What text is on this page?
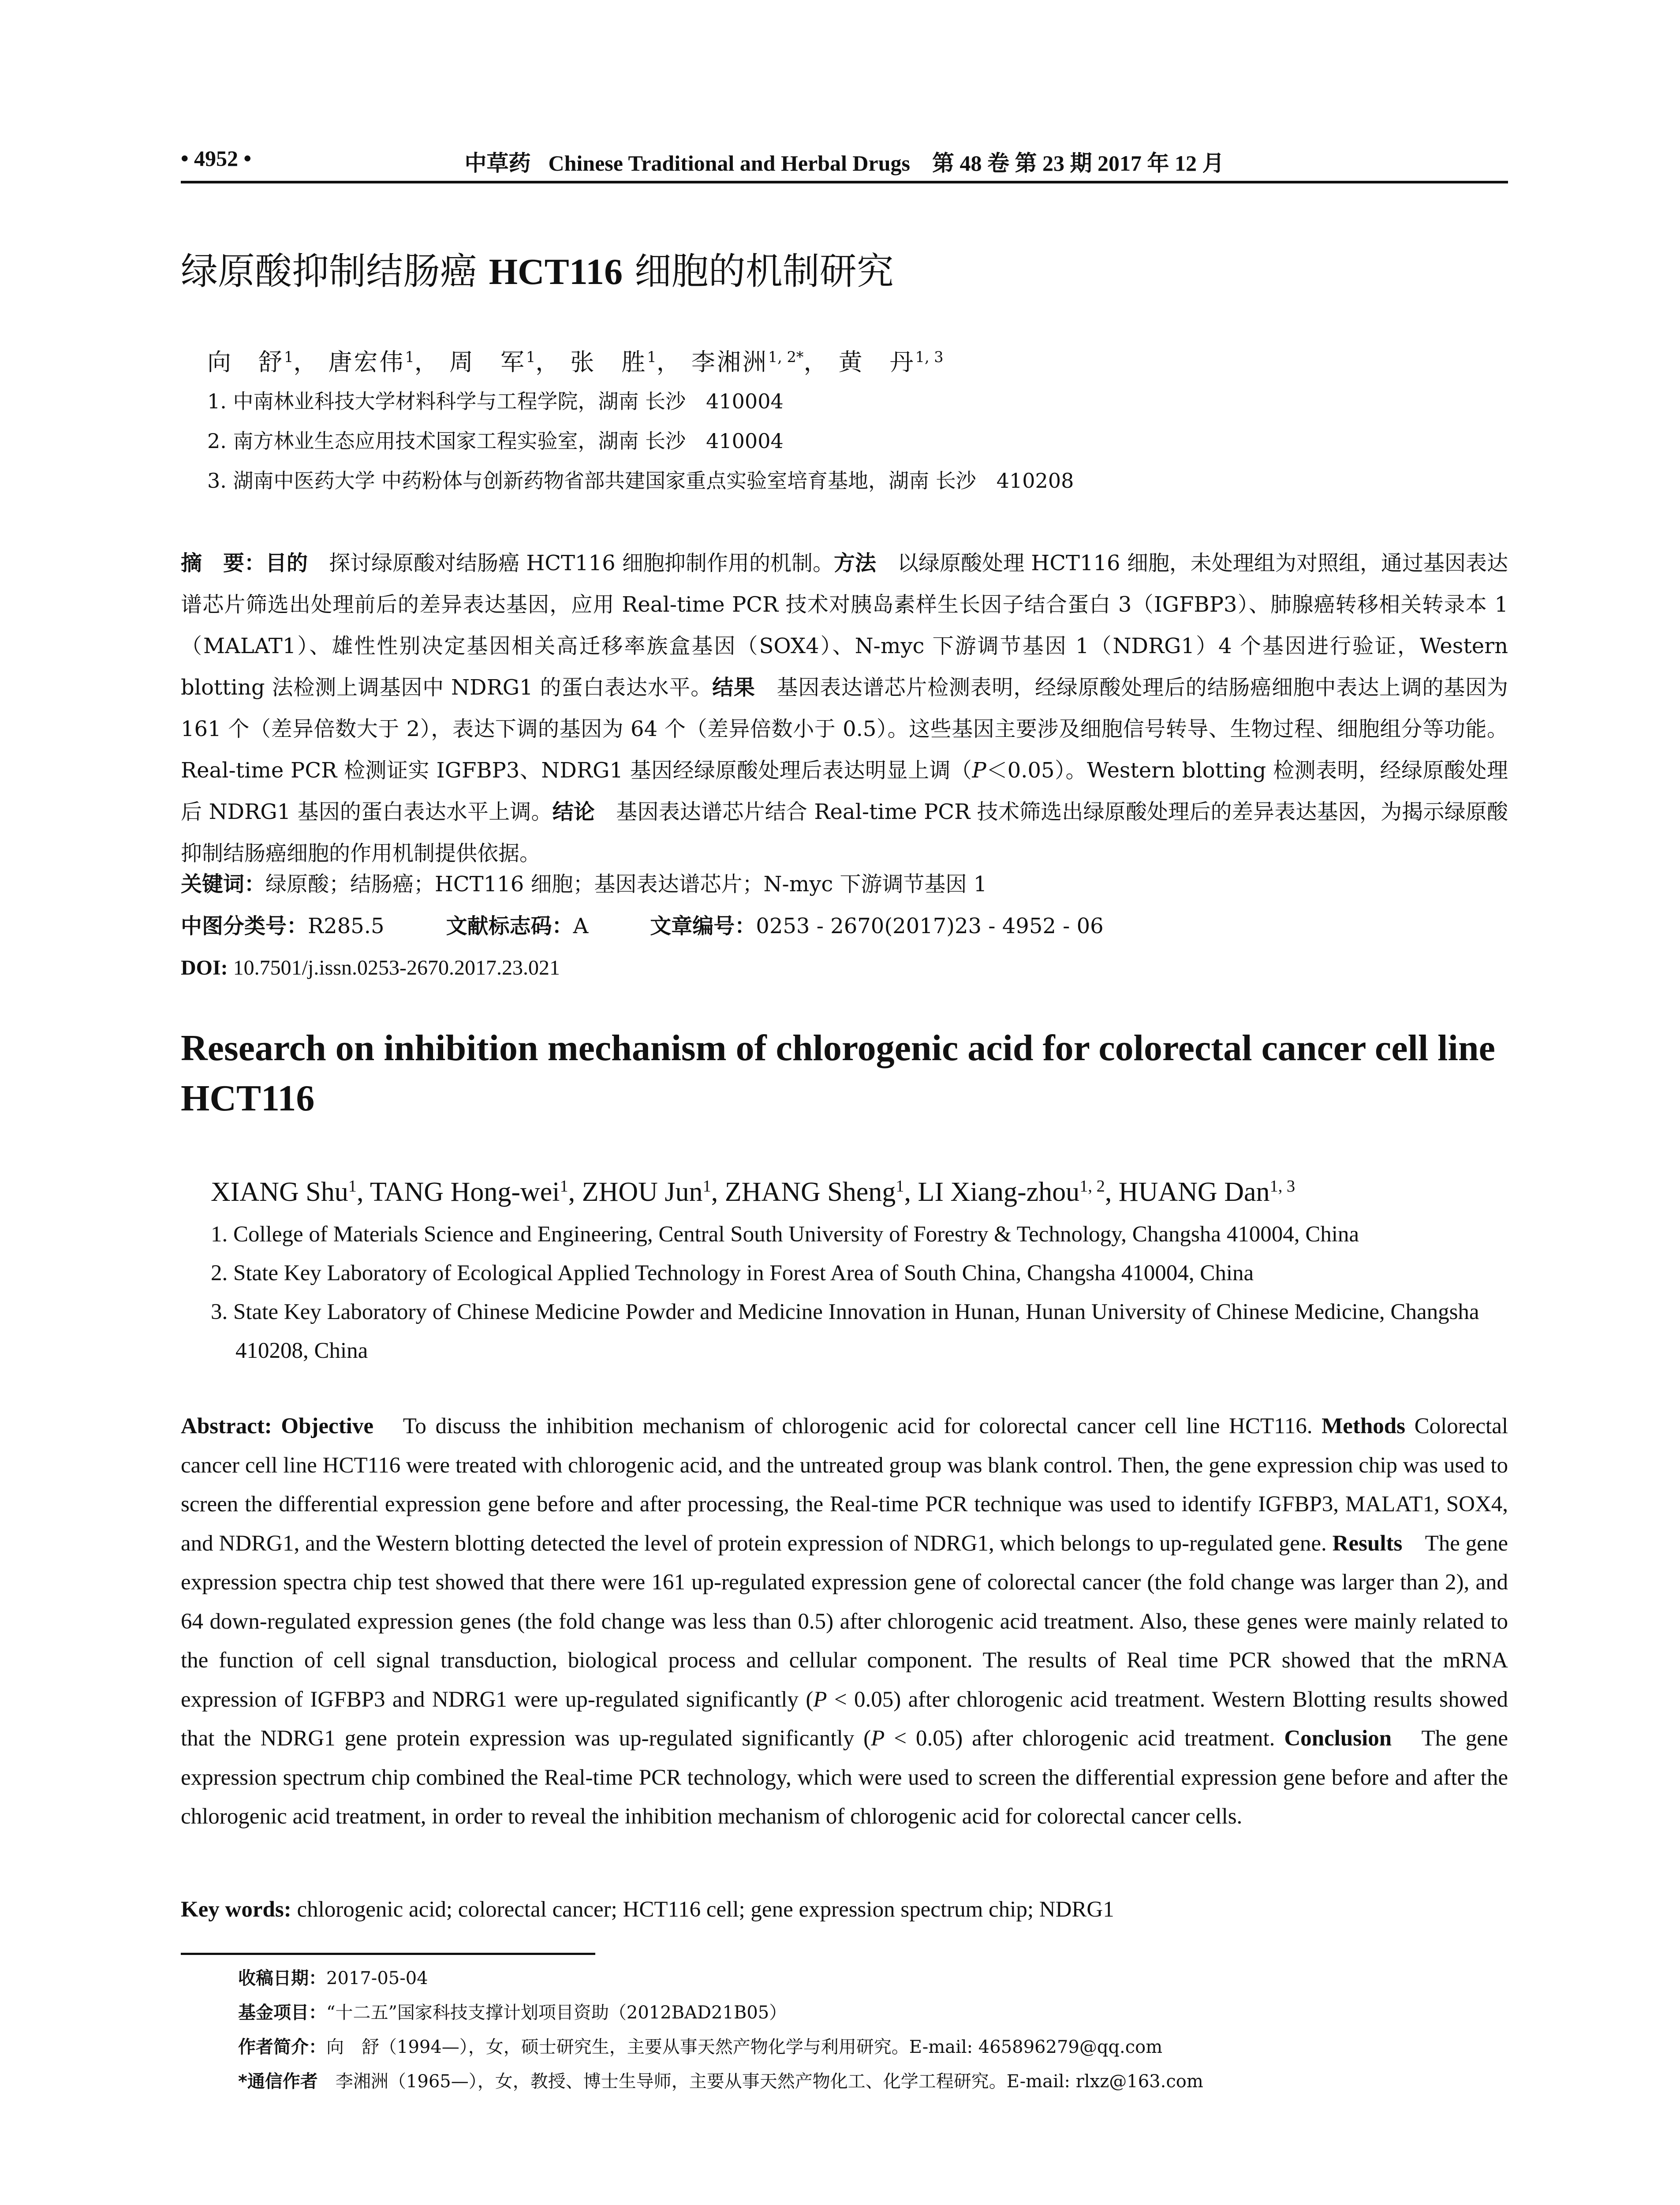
• 4952 •	中草药 Chinese Traditional and Herbal Drugs　第 48 卷 第 23 期 2017 年 12 月
绿原酸抑制结肠癌 HCT116 细胞的机制研究
向　舒$^1$， 唐宏伟$^1$， 周　军$^1$， 张　胜$^1$， 李湘洲$^{1, 2*}$， 黄　丹$^{1, 3}$
1. 中南林业科技大学材料科学与工程学院，湖南 长沙　410004
2. 南方林业生态应用技术国家工程实验室，湖南 长沙　410004
3. 湖南中医药大学 中药粉体与创新药物省部共建国家重点实验室培育基地，湖南 长沙　410208
摘　要：目的　探讨绿原酸对结肠癌 HCT116 细胞抑制作用的机制。方法　以绿原酸处理 HCT116 细胞，未处理组为对照组，通过基因表达谱芯片筛选出处理前后的差异表达基因，应用 Real-time PCR 技术对胰岛素样生长因子结合蛋白 3（IGFBP3）、肺腺癌转移相关转录本 1（MALAT1）、雄性性别决定基因相关高迁移率族盒基因（SOX4）、N-myc 下游调节基因 1（NDRG1）4 个基因进行验证，Western blotting 法检测上调基因中 NDRG1 的蛋白表达水平。结果　基因表达谱芯片检测表明，经绿原酸处理后的结肠癌细胞中表达上调的基因为 161 个（差异倍数大于 2），表达下调的基因为 64 个（差异倍数小于 0.5）。这些基因主要涉及细胞信号转导、生物过程、细胞组分等功能。Real-time PCR 检测证实 IGFBP3、NDRG1 基因经绿原酸处理后表达明显上调（P＜0.05）。Western blotting 检测表明，经绿原酸处理后 NDRG1 基因的蛋白表达水平上调。结论　基因表达谱芯片结合 Real-time PCR 技术筛选出绿原酸处理后的差异表达基因，为揭示绿原酸抑制结肠癌细胞的作用机制提供依据。
关键词：绿原酸；结肠癌；HCT116 细胞；基因表达谱芯片；N-myc 下游调节基因 1
中图分类号：R285.5	文献标志码：A	文章编号：0253 - 2670(2017)23 - 4952 - 06
DOI: 10.7501/j.issn.0253-2670.2017.23.021
Research on inhibition mechanism of chlorogenic acid for colorectal cancer cell line HCT116
XIANG Shu$^1$, TANG Hong-wei$^1$, ZHOU Jun$^1$, ZHANG Sheng$^1$, LI Xiang-zhou$^{1, 2}$, HUANG Dan$^{1, 3}$
1. College of Materials Science and Engineering, Central South University of Forestry & Technology, Changsha 410004, China
2. State Key Laboratory of Ecological Applied Technology in Forest Area of South China, Changsha 410004, China
3. State Key Laboratory of Chinese Medicine Powder and Medicine Innovation in Hunan, Hunan University of Chinese Medicine, Changsha 410208, China
Abstract: Objective　To discuss the inhibition mechanism of chlorogenic acid for colorectal cancer cell line HCT116. Methods Colorectal cancer cell line HCT116 were treated with chlorogenic acid, and the untreated group was blank control. Then, the gene expression chip was used to screen the differential expression gene before and after processing, the Real-time PCR technique was used to identify IGFBP3, MALAT1, SOX4, and NDRG1, and the Western blotting detected the level of protein expression of NDRG1, which belongs to up-regulated gene. Results　The gene expression spectra chip test showed that there were 161 up-regulated expression gene of colorectal cancer (the fold change was larger than 2), and 64 down-regulated expression genes (the fold change was less than 0.5) after chlorogenic acid treatment. Also, these genes were mainly related to the function of cell signal transduction, biological process and cellular component. The results of Real time PCR showed that the mRNA expression of IGFBP3 and NDRG1 were up-regulated significantly (P < 0.05) after chlorogenic acid treatment. Western Blotting results showed that the NDRG1 gene protein expression was up-regulated significantly (P < 0.05) after chlorogenic acid treatment. Conclusion　The gene expression spectrum chip combined the Real-time PCR technology, which were used to screen the differential expression gene before and after the chlorogenic acid treatment, in order to reveal the inhibition mechanism of chlorogenic acid for colorectal cancer cells.
Key words: chlorogenic acid; colorectal cancer; HCT116 cell; gene expression spectrum chip; NDRG1
收稿日期：2017-05-04
基金项目：“十二五”国家科技支撑计划项目资助（2012BAD21B05）
作者简介：向　舒（1994—），女，硕士研究生，主要从事天然产物化学与利用研究。E-mail: 465896279@qq.com
*通信作者　李湘洲（1965—），女，教授、博士生导师，主要从事天然产物化工、化学工程研究。E-mail: rlxz@163.com
